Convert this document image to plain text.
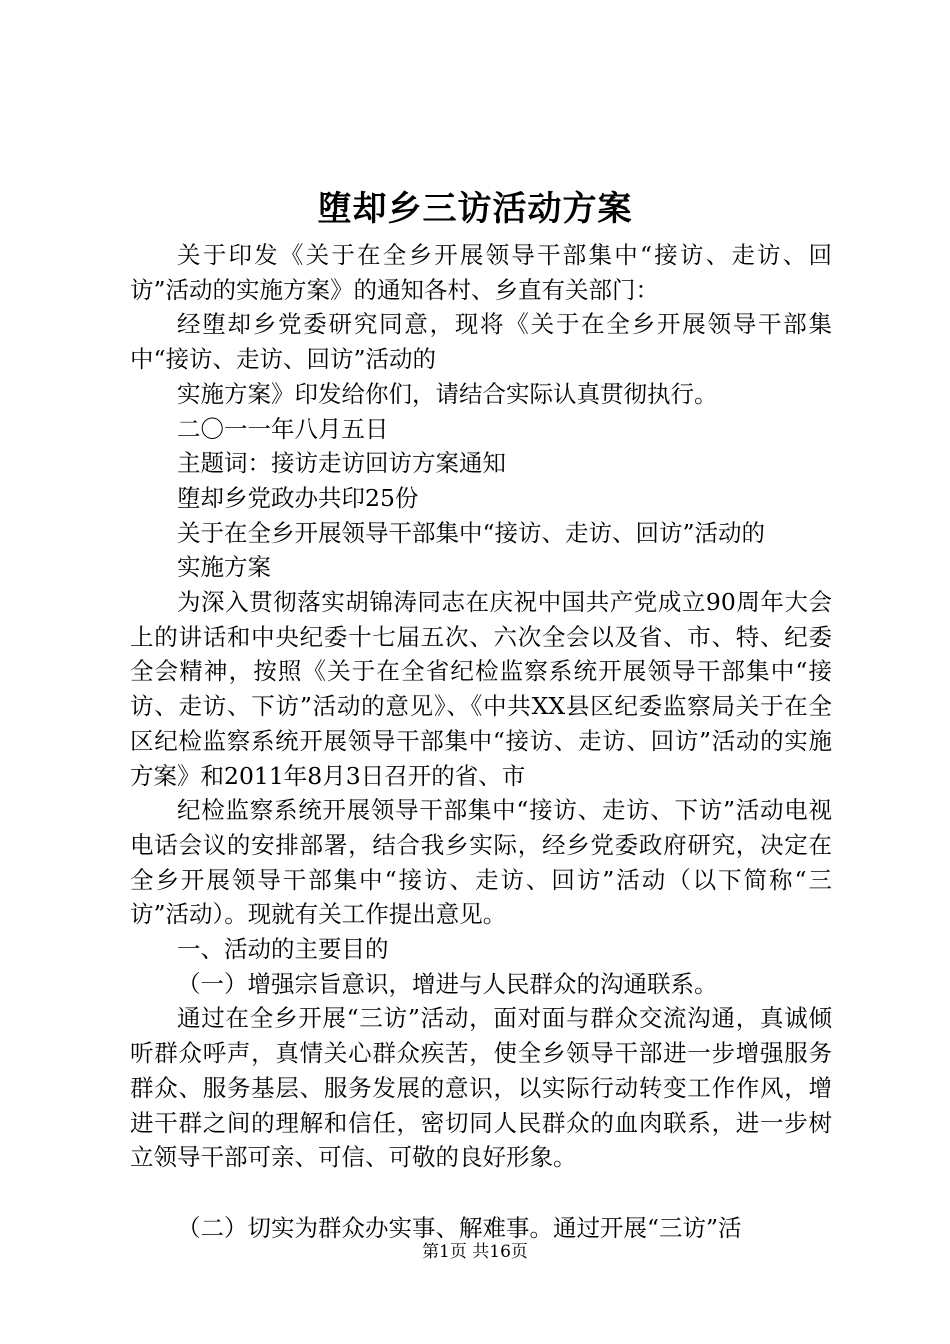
堕却乡三访活动方案

关于印发《关于在全乡开展领导干部集中“接访、走访、回访”活动的实施方案》的通知各村、乡直有关部门：

经堕却乡党委研究同意，现将《关于在全乡开展领导干部集中“接访、走访、回访”活动的

实施方案》印发给你们，请结合实际认真贯彻执行。

二〇一一年八月五日

主题词：接访走访回访方案通知

堕却乡党政办共印25份

关于在全乡开展领导干部集中“接访、走访、回访”活动的

实施方案

为深入贯彻落实胡锦涛同志在庆祝中国共产党成立90周年大会上的讲话和中央纪委十七届五次、六次全会以及省、市、特、纪委全会精神，按照《关于在全省纪检监察系统开展领导干部集中“接访、走访、下访”活动的意见》、《中共XX县区纪委监察局关于在全区纪检监察系统开展领导干部集中“接访、走访、回访”活动的实施方案》和2011年8月3日召开的省、市

纪检监察系统开展领导干部集中“接访、走访、下访”活动电视电话会议的安排部署，结合我乡实际，经乡党委政府研究，决定在全乡开展领导干部集中“接访、走访、回访”活动（以下简称“三访”活动）。现就有关工作提出意见。

一、活动的主要目的

（一）增强宗旨意识，增进与人民群众的沟通联系。

通过在全乡开展“三访”活动，面对面与群众交流沟通，真诚倾听群众呼声，真情关心群众疾苦，使全乡领导干部进一步增强服务群众、服务基层、服务发展的意识，以实际行动转变工作作风，增进干群之间的理解和信任，密切同人民群众的血肉联系，进一步树立领导干部可亲、可信、可敬的良好形象。

（二）切实为群众办实事、解难事。通过开展“三访”活

第1页 共16页
